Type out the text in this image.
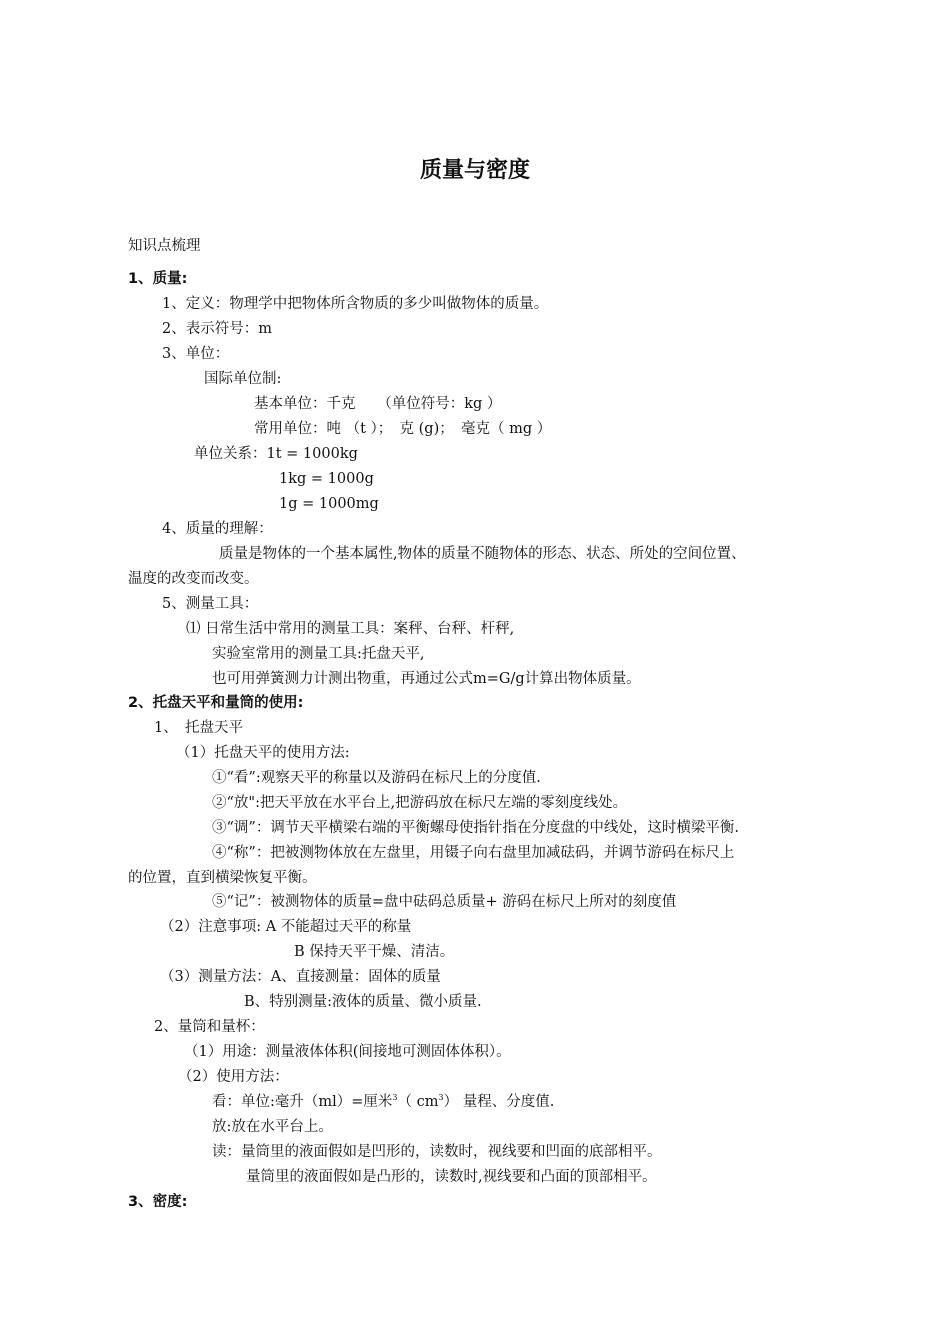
质量与密度
知识点梳理
1、质量:
1、定义：物理学中把物体所含物质的多少叫做物体的质量。
2、表示符号：m
3、单位：
国际单位制:
基本单位：千克　　（单位符号：kg ）
常用单位：吨 （t ）；　克 (g)；　毫克（ mg ）
单位关系：1t = 1000kg
1kg = 1000g
1g = 1000mg
4、质量的理解：
质量是物体的一个基本属性,物体的质量不随物体的形态、状态、所处的空间位置、
温度的改变而改变。
5、测量工具：
⑴ 日常生活中常用的测量工具：案秤、台秤、杆秤,
实验室常用的测量工具:托盘天平,
也可用弹簧测力计测出物重，再通过公式m=G/g计算出物体质量。
2、托盘天平和量筒的使用:
1、　托盘天平
（1）托盘天平的使用方法:
①“看”:观察天平的称量以及游码在标尺上的分度值.
②“放":把天平放在水平台上,把游码放在标尺左端的零刻度线处。
③“调”：调节天平横梁右端的平衡螺母使指针指在分度盘的中线处，这时横梁平衡.
④“称”：把被测物体放在左盘里，用镊子向右盘里加减砝码，并调节游码在标尺上
的位置，直到横梁恢复平衡。
⑤“记”：被测物体的质量=盘中砝码总质量+ 游码在标尺上所对的刻度值
（2）注意事项: A 不能超过天平的称量
B 保持天平干燥、清洁。
（3）测量方法：A、直接测量：固体的质量
B、特别测量:液体的质量、微小质量.
2、量筒和量杯：
（1）用途：测量液体体积(间接地可测固体体积）。
（2）使用方法：
看：单位:毫升（ml）=厘米$^3$（ $cm^3$） 量程、分度值.
放:放在水平台上。
读：量筒里的液面假如是凹形的，读数时，视线要和凹面的底部相平。
量筒里的液面假如是凸形的，读数时,视线要和凸面的顶部相平。
3、密度:
